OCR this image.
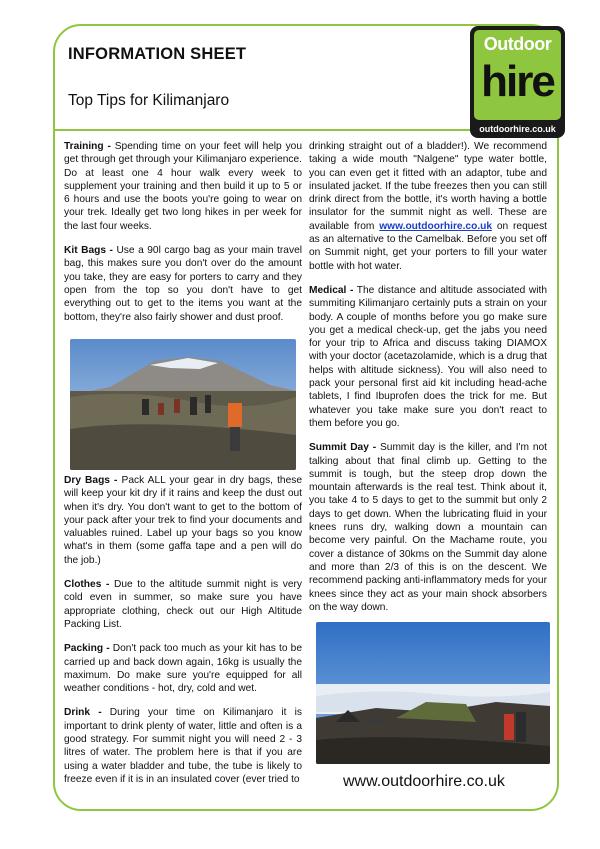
INFORMATION SHEET
Top Tips for Kilimanjaro
Outdoor
hire
outdoorhire.co.uk

Training - Spending time on your feet will help you get through get through your Kilimanjaro experience. Do at least one 4 hour walk every week to supplement your training and then build it up to 5 or 6 hours and use the boots you're going to wear on your trek. Ideally get two long hikes in per week for the last four weeks.

Kit Bags - Use a 90l cargo bag as your main travel bag, this makes sure you don't over do the amount you take, they are easy for porters to carry and they open from the top so you don't have to get everything out to get to the items you want at the bottom, they're also fairly shower and dust proof.

Dry Bags - Pack ALL your gear in dry bags, these will keep your kit dry if it rains and keep the dust out when it's dry. You don't want to get to the bottom of your pack after your trek to find your documents and valuables ruined. Label up your bags so you know what's in them (some gaffa tape and a pen will do the job.)

Clothes - Due to the altitude summit night is very cold even in summer, so make sure you have appropriate clothing, check out our High Altitude Packing List.

Packing - Don't pack too much as your kit has to be carried up and back down again, 16kg is usually the maximum. Do make sure you're equipped for all weather conditions - hot, dry, cold and wet.

Drink - During your time on Kilimanjaro it is important to drink plenty of water, little and often is a good strategy. For summit night you will need 2 - 3 litres of water. The problem here is that if you are using a water bladder and tube, the tube is likely to freeze even if it is in an insulated cover (ever tried to

drinking straight out of a bladder!). We recommend taking a wide mouth "Nalgene" type water bottle, you can even get it fitted with an adaptor, tube and insulated jacket. If the tube freezes then you can still drink direct from the bottle, it's worth having a bottle insulator for the summit night as well. These are available from www.outdoorhire.co.uk on request as an alternative to the Camelbak. Before you set off on Summit night, get your porters to fill your water bottle with hot water.

Medical - The distance and altitude associated with summiting Kilimanjaro certainly puts a strain on your body. A couple of months before you go make sure you get a medical check-up, get the jabs you need for your trip to Africa and discuss taking DIAMOX with your doctor (acetazolamide, which is a drug that helps with altitude sickness). You will also need to pack your personal first aid kit including head-ache tablets, I find Ibuprofen does the trick for me. But whatever you take make sure you don't react to them before you go.

Summit Day - Summit day is the killer, and I'm not talking about that final climb up. Getting to the summit is tough, but the steep drop down the mountain afterwards is the real test. Think about it, you take 4 to 5 days to get to the summit but only 2 days to get down. When the lubricating fluid in your knees runs dry, walking down a mountain can become very painful. On the Machame route, you cover a distance of 30kms on the Summit day alone and more than 2/3 of this is on the descent. We recommend packing anti-inflammatory meds for your knees since they act as your main shock absorbers on the way down.

www.outdoorhire.co.uk
